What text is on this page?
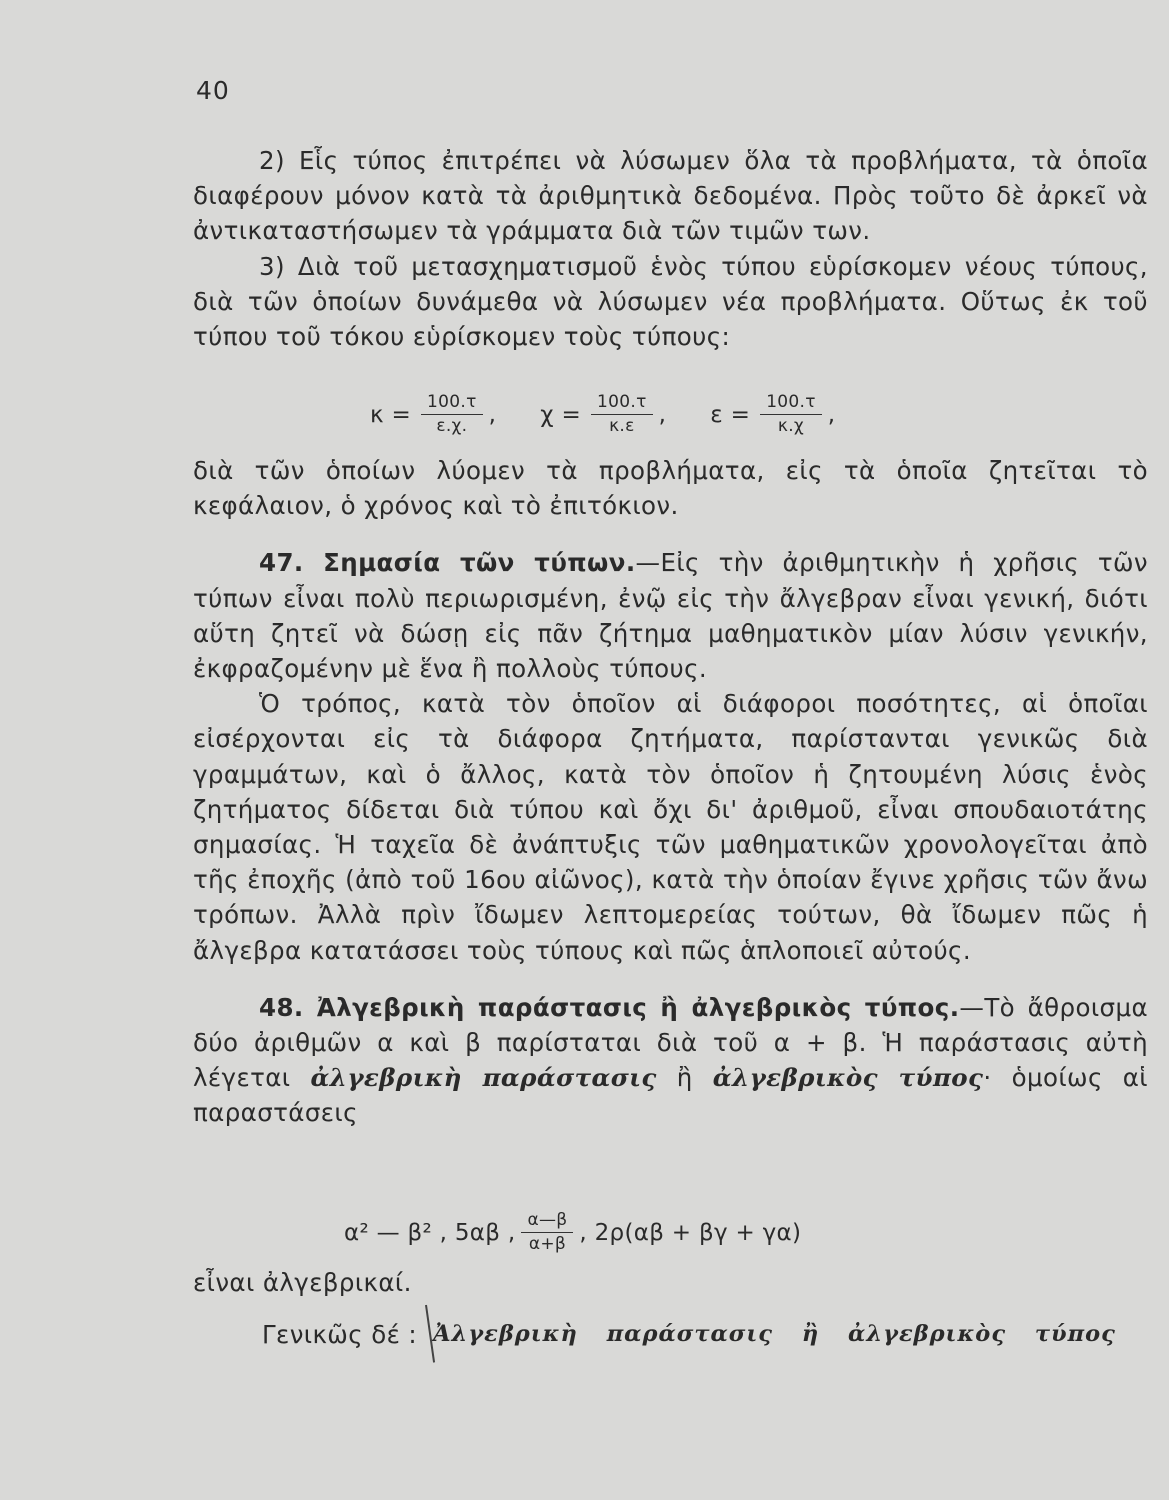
40

2) Εἷς τύπος ἐπιτρέπει νὰ λύσωμεν ὅλα τὰ προβλήματα, τὰ ὁποῖα διαφέρουν μόνον κατὰ τὰ ἀριθμητικὰ δεδομένα. Πρὸς τοῦτο δὲ ἀρκεῖ νὰ ἀντικαταστήσωμεν τὰ γράμματα διὰ τῶν τιμῶν των.

3) Διὰ τοῦ μετασχηματισμοῦ ἑνὸς τύπου εὑρίσκομεν νέους τύπους, διὰ τῶν ὁποίων δυνάμεθα νὰ λύσωμεν νέα προβλήματα. Οὕτως ἐκ τοῦ τύπου τοῦ τόκου εὑρίσκομεν τοὺς τύπους:

$\kappa = \frac{100.\tau}{\varepsilon.\chi.}$ , $\chi = \frac{100.\tau}{\kappa.\varepsilon}$ , $\varepsilon = \frac{100.\tau}{\kappa.\chi}$ ,

διὰ τῶν ὁποίων λύομεν τὰ προβλήματα, εἰς τὰ ὁποῖα ζητεῖται τὸ κεφάλαιον, ὁ χρόνος καὶ τὸ ἐπιτόκιον.

47. Σημασία τῶν τύπων.—Εἰς τὴν ἀριθμητικὴν ἡ χρῆσις τῶν τύπων εἶναι πολὺ περιωρισμένη, ἐνῷ εἰς τὴν ἄλγεβραν εἶναι γενική, διότι αὕτη ζητεῖ νὰ δώσῃ εἰς πᾶν ζήτημα μαθηματικὸν μίαν λύσιν γενικήν, ἐκφραζομένην μὲ ἕνα ἢ πολλοὺς τύπους.

Ὁ τρόπος, κατὰ τὸν ὁποῖον αἱ διάφοροι ποσότητες, αἱ ὁποῖαι εἰσέρχονται εἰς τὰ διάφορα ζητήματα, παρίστανται γενικῶς διὰ γραμμάτων, καὶ ὁ ἄλλος, κατὰ τὸν ὁποῖον ἡ ζητουμένη λύσις ἑνὸς ζητήματος δίδεται διὰ τύπου καὶ ὄχι δι' ἀριθμοῦ, εἶναι σπουδαιοτάτης σημασίας. Ἡ ταχεῖα δὲ ἀνάπτυξις τῶν μαθηματικῶν χρονολογεῖται ἀπὸ τῆς ἐποχῆς (ἀπὸ τοῦ 16ου αἰῶνος), κατὰ τὴν ὁποίαν ἔγινε χρῆσις τῶν ἄνω τρόπων. Ἀλλὰ πρὶν ἴδωμεν λεπτομερείας τούτων, θὰ ἴδωμεν πῶς ἡ ἄλγεβρα κατατάσσει τοὺς τύπους καὶ πῶς ἁπλοποιεῖ αὐτούς.

48. Ἀλγεβρικὴ παράστασις ἢ ἀλγεβρικὸς τύπος.—Τὸ ἄθροισμα δύο ἀριθμῶν α καὶ β παρίσταται διὰ τοῦ α + β. Ἡ παράστασις αὐτὴ λέγεται ἀλγεβρικὴ παράστασις ἢ ἀλγεβρικὸς τύπος· ὁμοίως αἱ παραστάσεις

α² — β² , 5αβ , $\frac{\alpha—\beta}{\alpha+\beta}$ , 2ρ(αβ + βγ + γα)

εἶναι ἀλγεβρικαί.

Γενικῶς δέ : Ἀλγεβρικὴ παράστασις ἢ ἀλγεβρικὸς τύπος
